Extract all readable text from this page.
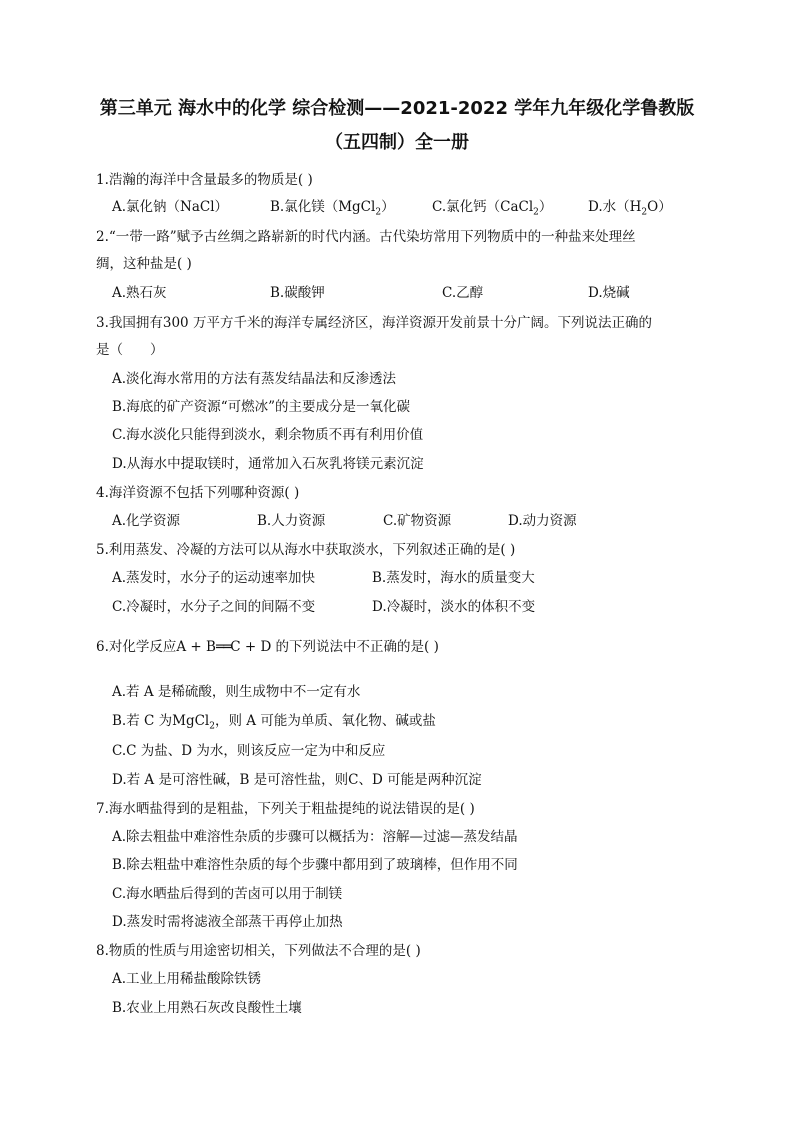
第三单元 海水中的化学 综合检测——2021-2022 学年九年级化学鲁教版
（五四制）全一册
1.浩瀚的海洋中含量最多的物质是( )
A.氯化钠（NaCl）	B.氯化镁（MgCl$_2$）	C.氯化钙（CaCl$_2$）	D.水$(H_2O)$
2.“一带一路”赋予古丝绸之路崭新的时代内涵。古代染坊常用下列物质中的一种盐来处理丝
绸，这种盐是( )
A.熟石灰	B.碳酸钾	C.乙醇	D.烧碱
3.我国拥有300 万平方千米的海洋专属经济区，海洋资源开发前景十分广阔。下列说法正确的
是（　　）
A.淡化海水常用的方法有蒸发结晶法和反渗透法
B.海底的矿产资源“可燃冰”的主要成分是一氧化碳
C.海水淡化只能得到淡水，剩余物质不再有利用价值
D.从海水中提取镁时，通常加入石灰乳将镁元素沉淀
4.海洋资源不包括下列哪种资源( )
A.化学资源	B.人力资源	C.矿物资源	D.动力资源
5.利用蒸发、冷凝的方法可以从海水中获取淡水，下列叙述正确的是( )
A.蒸发时，水分子的运动速率加快	B.蒸发时，海水的质量变大
C.冷凝时，水分子之间的间隔不变	D.冷凝时，淡水的体积不变
6.对化学反应A + B══C + D 的下列说法中不正确的是( )
A.若 A 是稀硫酸，则生成物中不一定有水
B.若 C 为MgCl$_2$，则 A 可能为单质、氧化物、碱或盐
C.C 为盐、D 为水，则该反应一定为中和反应
D.若 A 是可溶性碱，B 是可溶性盐，则C、D 可能是两种沉淀
7.海水晒盐得到的是粗盐，下列关于粗盐提纯的说法错误的是( )
A.除去粗盐中难溶性杂质的步骤可以概括为：溶解—过滤—蒸发结晶
B.除去粗盐中难溶性杂质的每个步骤中都用到了玻璃棒，但作用不同
C.海水晒盐后得到的苦卤可以用于制镁
D.蒸发时需将滤液全部蒸干再停止加热
8.物质的性质与用途密切相关，下列做法不合理的是( )
A.工业上用稀盐酸除铁锈
B.农业上用熟石灰改良酸性土壤
